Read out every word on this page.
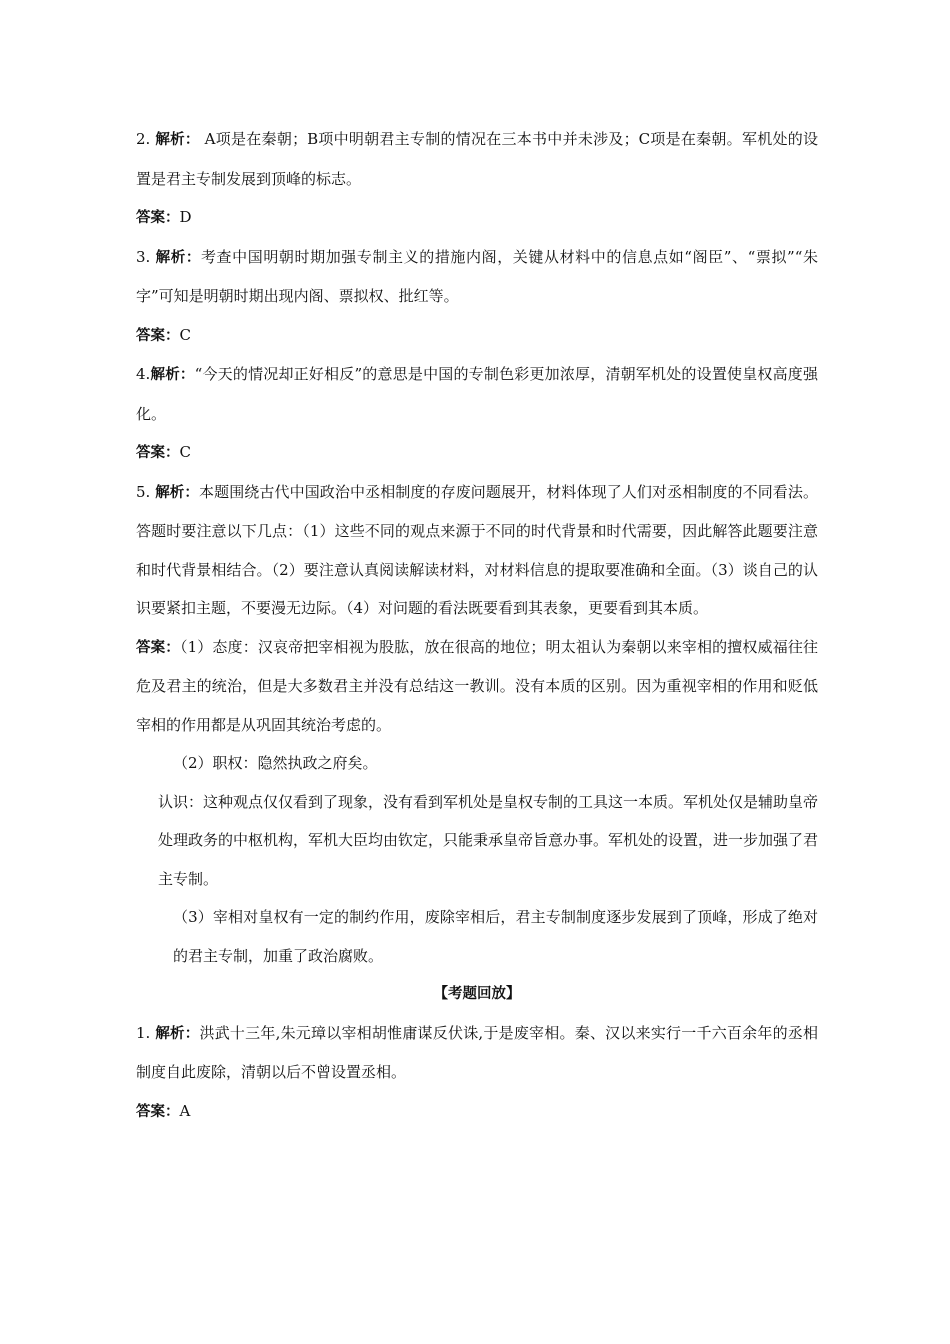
2. 解析： A项是在秦朝；B项中明朝君主专制的情况在三本书中并未涉及；C项是在秦朝。军机处的设置是君主专制发展到顶峰的标志。

答案：D

3. 解析：考查中国明朝时期加强专制主义的措施内阁，关键从材料中的信息点如“阁臣”、“票拟”“朱字”可知是明朝时期出现内阁、票拟权、批红等。

答案：C

4.解析：“今天的情况却正好相反”的意思是中国的专制色彩更加浓厚，清朝军机处的设置使皇权高度强化。

答案：C

5. 解析：本题围绕古代中国政治中丞相制度的存废问题展开，材料体现了人们对丞相制度的不同看法。答题时要注意以下几点：（1）这些不同的观点来源于不同的时代背景和时代需要，因此解答此题要注意和时代背景相结合。（2）要注意认真阅读解读材料，对材料信息的提取要准确和全面。（3）谈自己的认识要紧扣主题，不要漫无边际。（4）对问题的看法既要看到其表象，更要看到其本质。

答案：（1）态度：汉哀帝把宰相视为股肱，放在很高的地位；明太祖认为秦朝以来宰相的擅权威福往往危及君主的统治，但是大多数君主并没有总结这一教训。没有本质的区别。因为重视宰相的作用和贬低宰相的作用都是从巩固其统治考虑的。

（2）职权：隐然执政之府矣。

认识：这种观点仅仅看到了现象，没有看到军机处是皇权专制的工具这一本质。军机处仅是辅助皇帝处理政务的中枢机构，军机大臣均由钦定，只能秉承皇帝旨意办事。军机处的设置，进一步加强了君主专制。

（3）宰相对皇权有一定的制约作用，废除宰相后，君主专制制度逐步发展到了顶峰，形成了绝对的君主专制，加重了政治腐败。

【考题回放】

1. 解析：洪武十三年,朱元璋以宰相胡惟庸谋反伏诛,于是废宰相。秦、汉以来实行一千六百余年的丞相制度自此废除，清朝以后不曾设置丞相。

答案：A
